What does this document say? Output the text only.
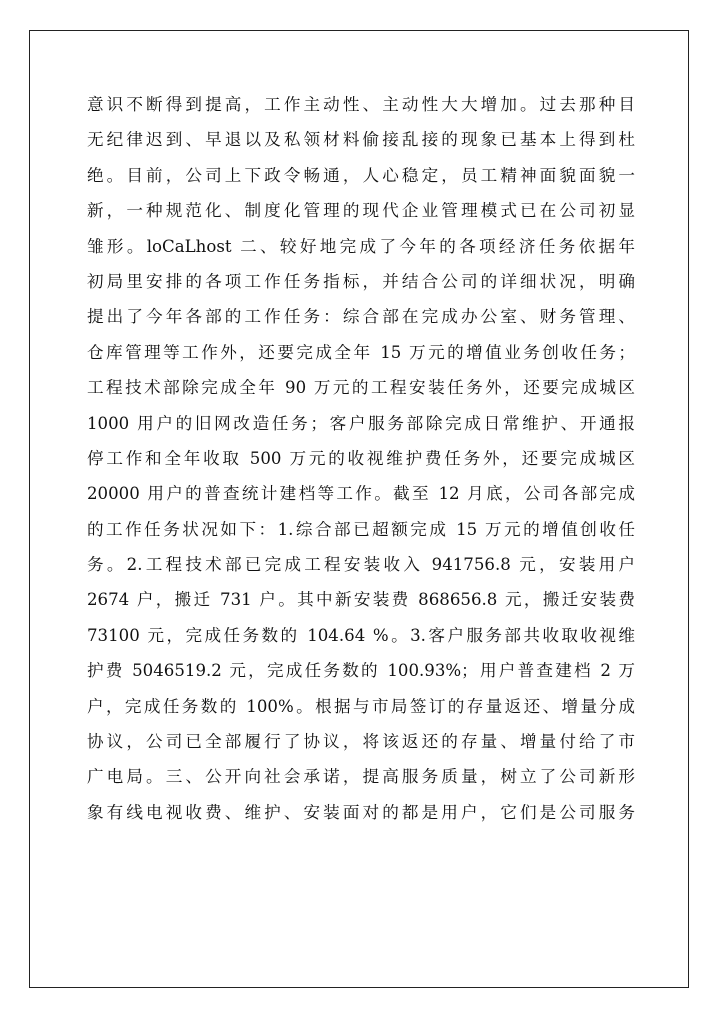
意识不断得到提高，工作主动性、主动性大大增加。过去那种目
无纪律迟到、早退以及私领材料偷接乱接的现象已基本上得到杜
绝。目前，公司上下政令畅通，人心稳定，员工精神面貌面貌一
新，一种规范化、制度化管理的现代企业管理模式已在公司初显
雏形。loCaLhost 二、较好地完成了今年的各项经济任务依据年
初局里安排的各项工作任务指标，并结合公司的详细状况，明确
提出了今年各部的工作任务：综合部在完成办公室、财务管理、
仓库管理等工作外，还要完成全年 15 万元的增值业务创收任务；
工程技术部除完成全年 90 万元的工程安装任务外，还要完成城区
1000 用户的旧网改造任务；客户服务部除完成日常维护、开通报
停工作和全年收取 500 万元的收视维护费任务外，还要完成城区
20000 用户的普查统计建档等工作。截至 12 月底，公司各部完成
的工作任务状况如下：1.综合部已超额完成 15 万元的增值创收任
务。2.工程技术部已完成工程安装收入 941756.8 元，安装用户
2674 户，搬迁 731 户。其中新安装费 868656.8 元，搬迁安装费
73100 元，完成任务数的 104.64 %。3.客户服务部共收取收视维
护费 5046519.2 元，完成任务数的 100.93%；用户普查建档 2 万
户，完成任务数的 100%。根据与市局签订的存量返还、增量分成
协议，公司已全部履行了协议，将该返还的存量、增量付给了市
广电局。三、公开向社会承诺，提高服务质量，树立了公司新形
象有线电视收费、维护、安装面对的都是用户，它们是公司服务
